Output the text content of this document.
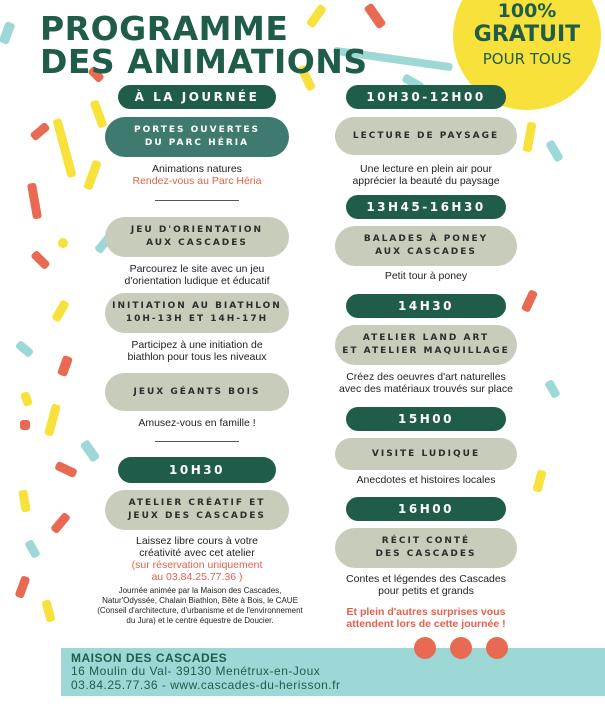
PROGRAMME
DES ANIMATIONS
100%
GRATUIT
POUR TOUS
À LA JOURNÉE
PORTES OUVERTES
DU PARC HÉRIA
Animations natures
Rendez-vous au Parc Héria
JEU D'ORIENTATION
AUX CASCADES
Parcourez le site avec un jeu
d'orientation ludique et éducatif
INITIATION AU BIATHLON
10H-13H ET 14H-17H
Participez à une initiation de
biathlon pour tous les niveaux
JEUX GÉANTS BOIS
Amusez-vous en famille !
10H30
ATELIER CRÉATIF ET
JEUX DES CASCADES
Laissez libre cours à votre
créativité avec cet atelier
(sur réservation uniquement
au 03.84.25.77.36 )
Journée animée par la Maison des Cascades,
Natur'Odyssée, Chalain Biathlon, Bête à Bois, le CAUE
(Conseil d'architecture, d'urbanisme et de l'environnement
du Jura) et le centre équestre de Doucier.
10H30-12H00
LECTURE DE PAYSAGE
Une lecture en plein air pour
apprécier la beauté du paysage
13H45-16H30
BALADES À PONEY
AUX CASCADES
Petit tour à poney
14H30
ATELIER LAND ART
ET ATELIER MAQUILLAGE
Créez des oeuvres d'art naturelles
avec des matériaux trouvés sur place
15H00
VISITE LUDIQUE
Anecdotes et histoires locales
16H00
RÉCIT CONTÉ
DES CASCADES
Contes et légendes des Cascades
pour petits et grands
Et plein d'autres surprises vous
attendent lors de cette journée !
MAISON DES CASCADES
16 Moulin du Val- 39130 Menétrux-en-Joux
03.84.25.77.36 - www.cascades-du-herisson.fr
